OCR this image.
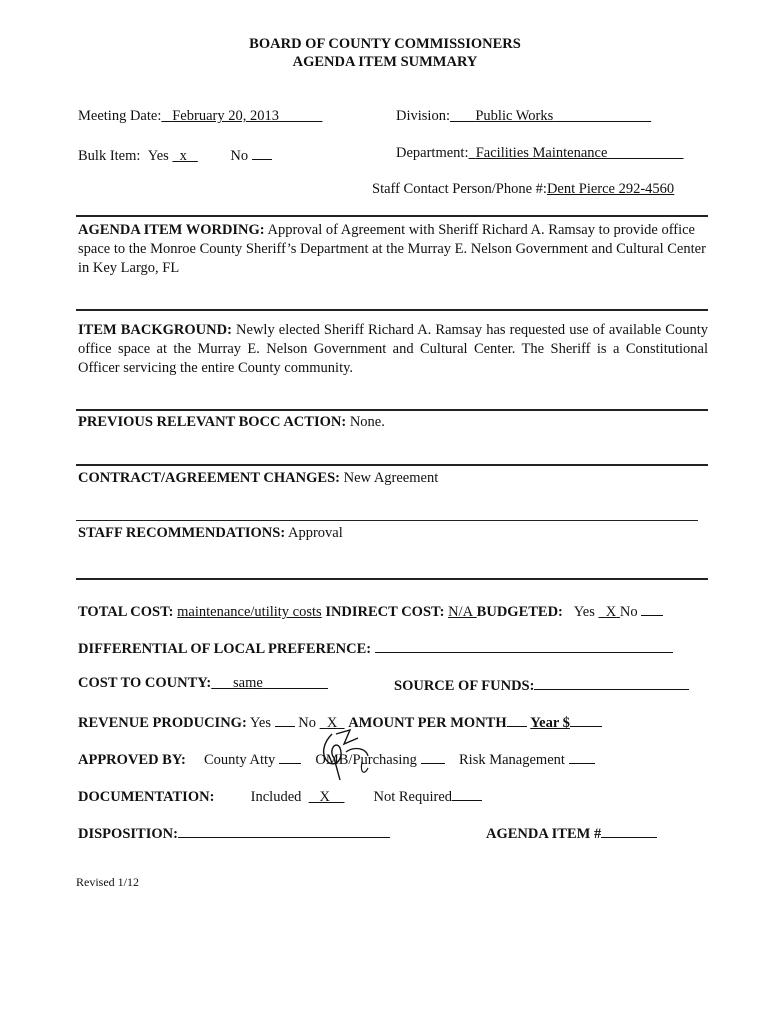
BOARD OF COUNTY COMMISSIONERS
AGENDA ITEM SUMMARY
Meeting Date: February 20, 2013	Division: Public Works
Bulk Item: Yes x	No	Department: Facilities Maintenance
Staff Contact Person/Phone #:Dent Pierce 292-4560
AGENDA ITEM WORDING: Approval of Agreement with Sheriff Richard A. Ramsay to provide office space to the Monroe County Sheriff’s Department at the Murray E. Nelson Government and Cultural Center in Key Largo, FL
ITEM BACKGROUND: Newly elected Sheriff Richard A. Ramsay has requested use of available County office space at the Murray E. Nelson Government and Cultural Center. The Sheriff is a Constitutional Officer servicing the entire County community.
PREVIOUS RELEVANT BOCC ACTION: None.
CONTRACT/AGREEMENT CHANGES: New Agreement
STAFF RECOMMENDATIONS: Approval
TOTAL COST: maintenance/utility costs INDIRECT COST: N/A BUDGETED: Yes X No
DIFFERENTIAL OF LOCAL PREFERENCE:
COST TO COUNTY: same	SOURCE OF FUNDS:
REVENUE PRODUCING: Yes No X AMOUNT PER MONTH Year $
APPROVED BY: County Atty	OMB/Purchasing	Risk Management
DOCUMENTATION:	Included X	Not Required
DISPOSITION:	AGENDA ITEM #
Revised 1/12
